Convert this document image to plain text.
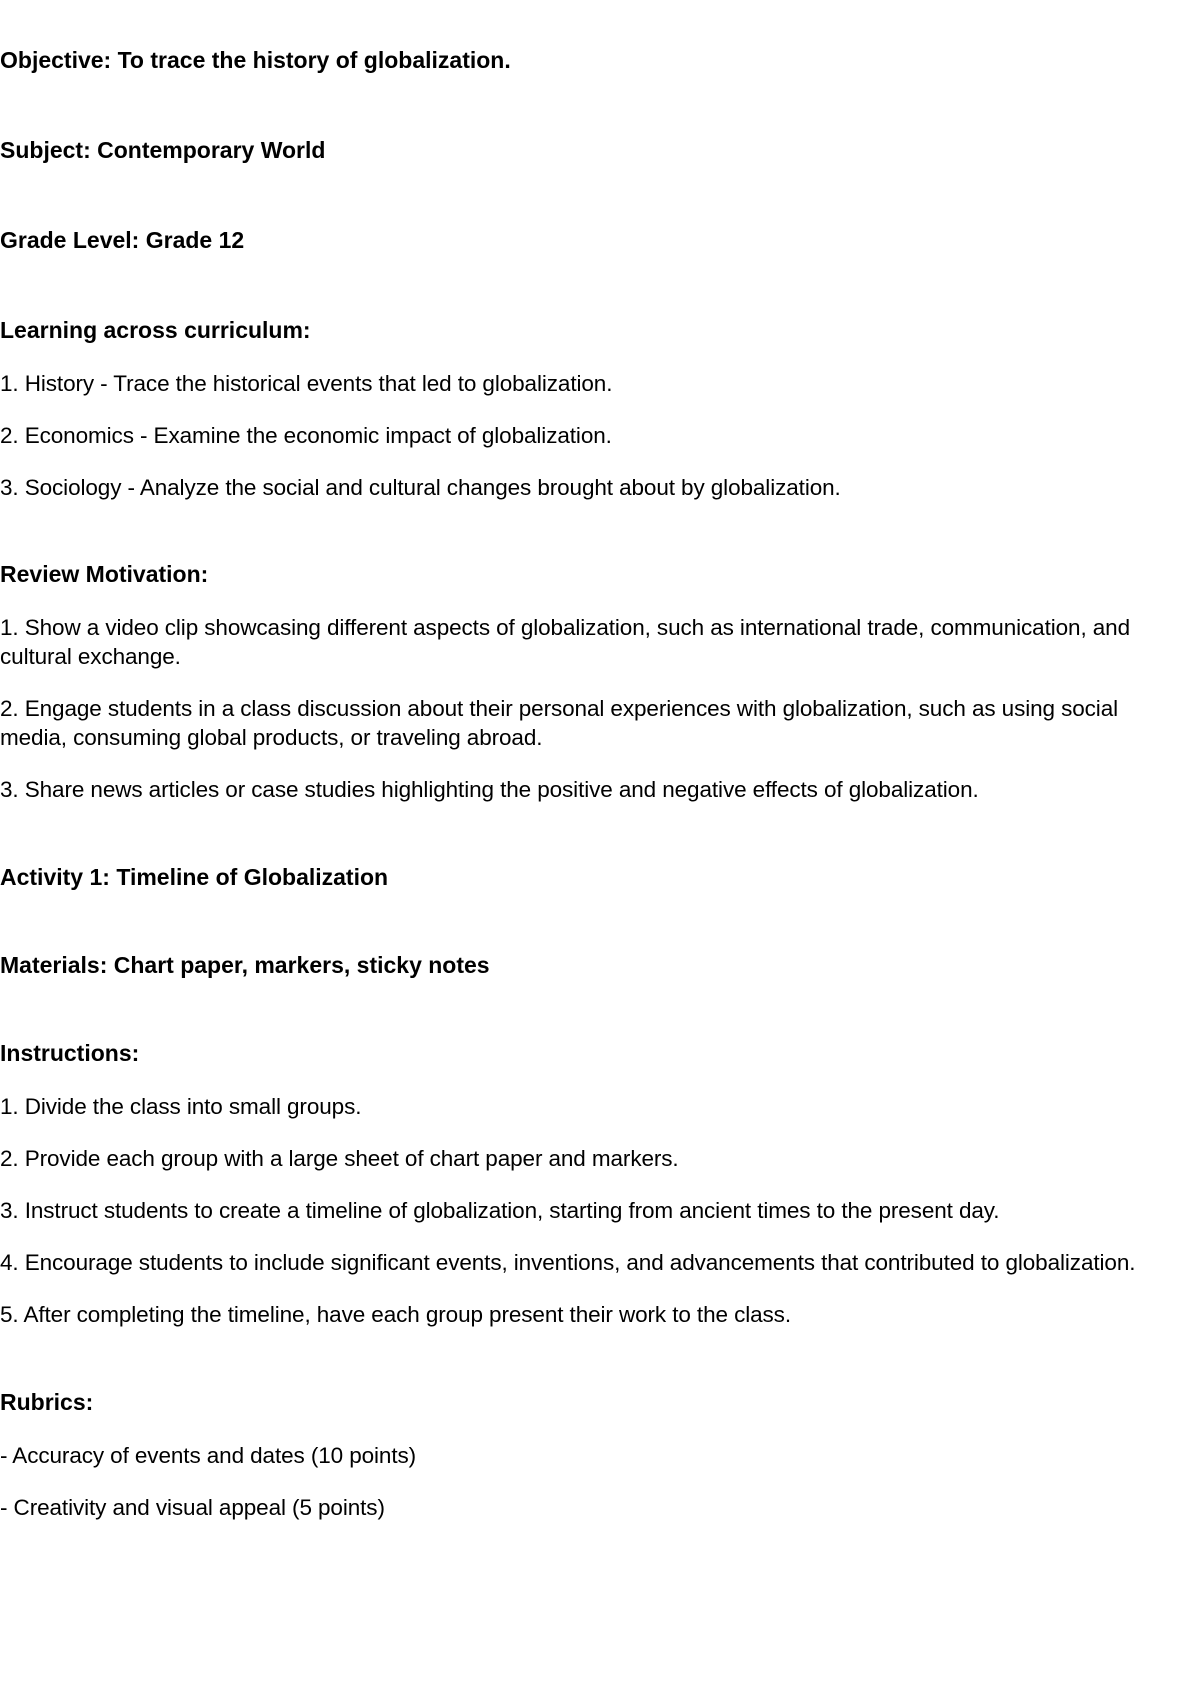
Objective: To trace the history of globalization.

Subject: Contemporary World

Grade Level: Grade 12

Learning across curriculum:

1. History - Trace the historical events that led to globalization.

2. Economics - Examine the economic impact of globalization.

3. Sociology - Analyze the social and cultural changes brought about by globalization.

Review Motivation:

1. Show a video clip showcasing different aspects of globalization, such as international trade, communication, and cultural exchange.

2. Engage students in a class discussion about their personal experiences with globalization, such as using social media, consuming global products, or traveling abroad.

3. Share news articles or case studies highlighting the positive and negative effects of globalization.

Activity 1: Timeline of Globalization

Materials: Chart paper, markers, sticky notes

Instructions:

1. Divide the class into small groups.

2. Provide each group with a large sheet of chart paper and markers.

3. Instruct students to create a timeline of globalization, starting from ancient times to the present day.

4. Encourage students to include significant events, inventions, and advancements that contributed to globalization.

5. After completing the timeline, have each group present their work to the class.

Rubrics:

- Accuracy of events and dates (10 points)

- Creativity and visual appeal (5 points)
